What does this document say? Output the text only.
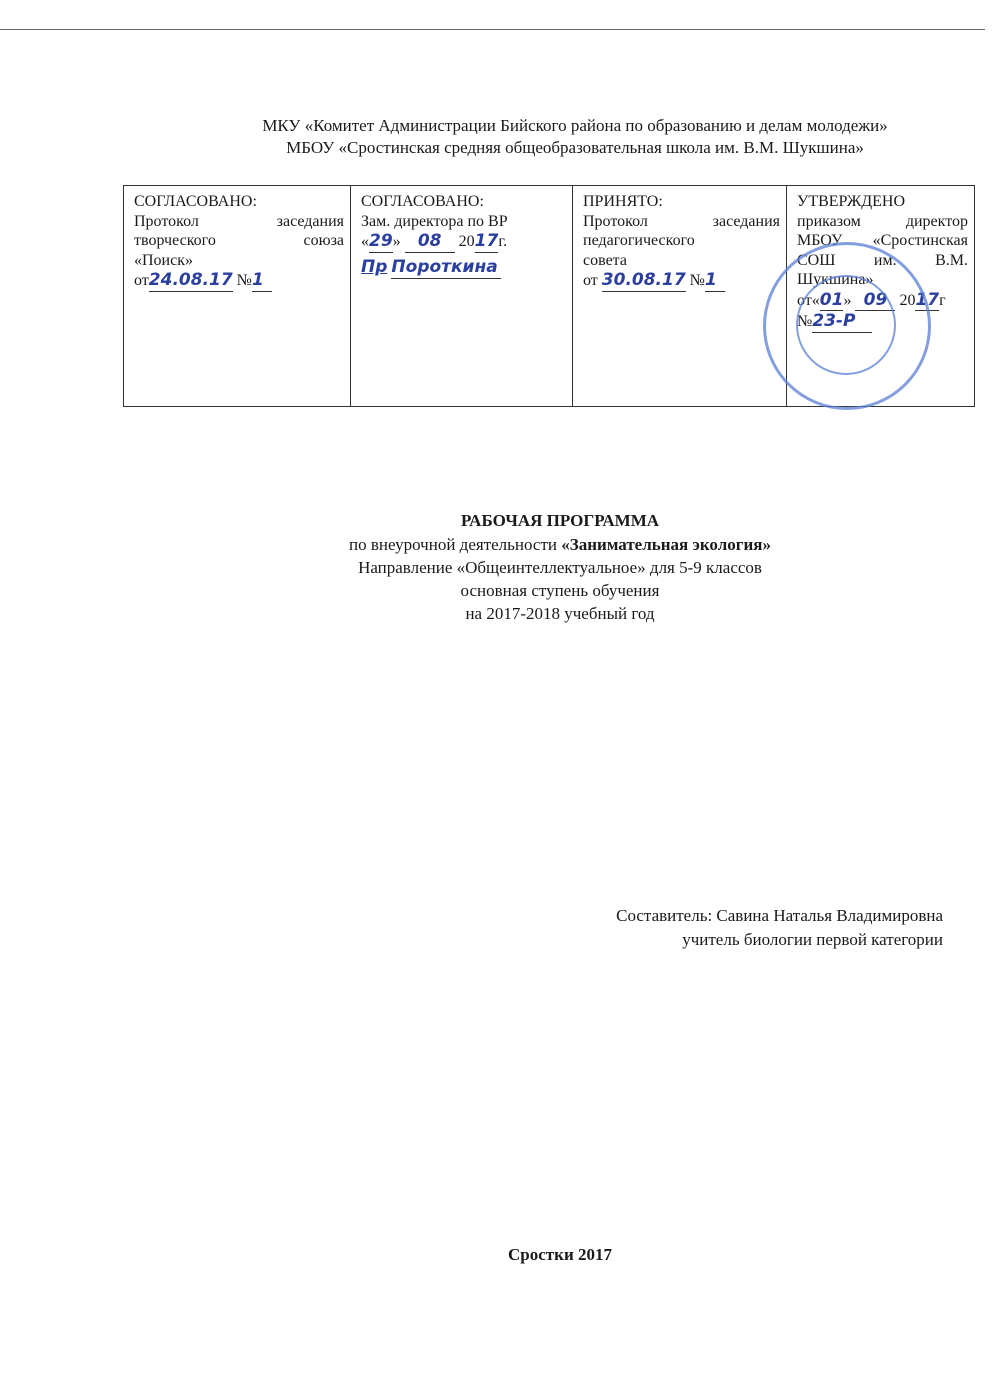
МКУ «Комитет Администрации Бийского района по образованию и делам молодежи»
МБОУ «Сростинская средняя общеобразовательная школа им. В.М. Шукшина»
СОГЛАСОВАНО:
Протокол заседания
творческого союза
«Поиск»
от24.08.17 №1

СОГЛАСОВАНО:
Зам. директора по ВР
«29» 08 2017г.
Пр Пороткина

ПРИНЯТО:
Протокол заседания
педагогического
совета
от 30.08.17 №1

УТВЕРЖДЕНО
приказом директор
МБОУ «Сростинская
СОШ им. В.М.
Шукшина»
от«01» 09 2017г
№23-Р
РАБОЧАЯ ПРОГРАММА
по внеурочной деятельности «Занимательная экология»
Направление «Общеинтеллектуальное» для 5-9 классов
основная ступень обучения
на 2017-2018 учебный год
Составитель: Савина Наталья Владимировна
учитель биологии первой категории
Сростки 2017
